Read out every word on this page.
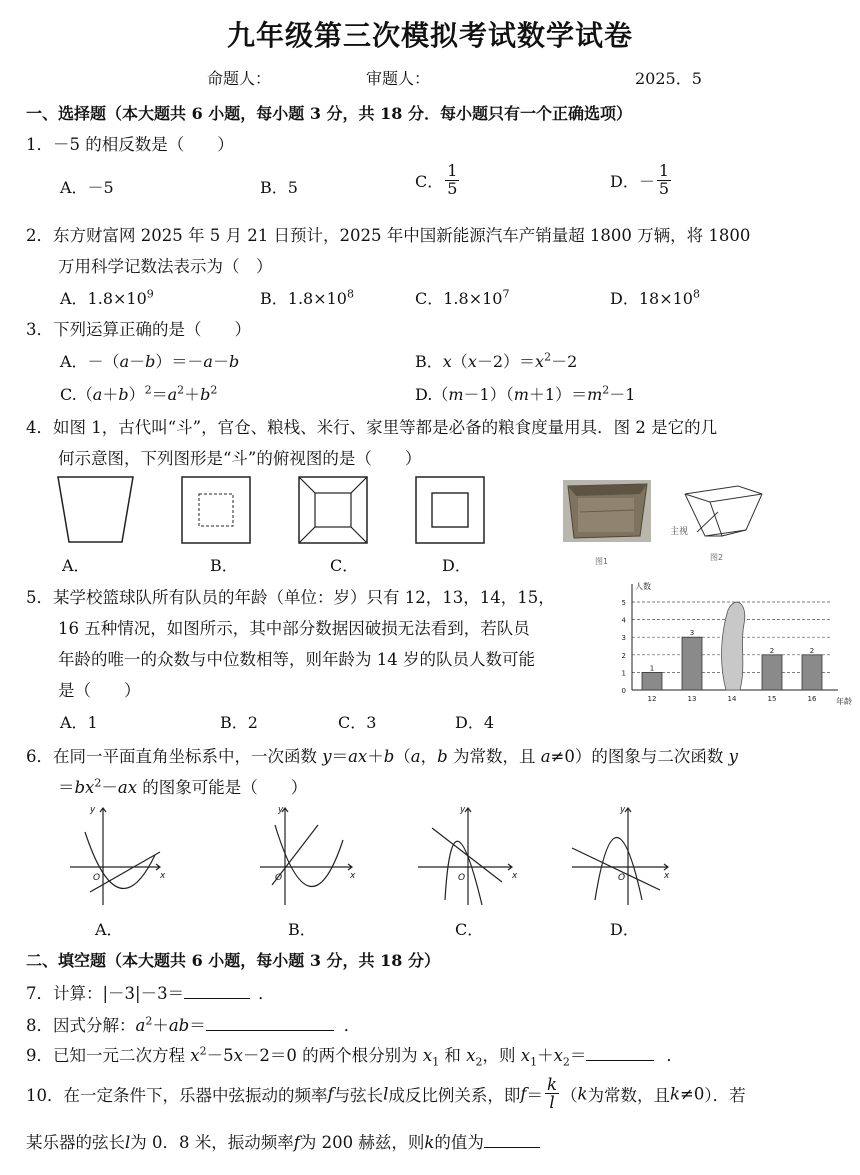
九年级第三次模拟考试数学试卷
命题人：	审题人：	2025．5
一、选择题（本大题共 6 小题，每小题 3 分，共 18 分．每小题只有一个正确选项）
1．－5 的相反数是（　　）
A．－5	B．5	C． $\frac{1}{5}$	D．－ $\frac{1}{5}$
2．东方财富网 2025 年 5 月 21 日预计，2025 年中国新能源汽车产销量超 1800 万辆，将 1800
万用科学记数法表示为（　）
A．$1.8\times 10^9$	B．$1.8\times 10^8$	C．$1.8\times 10^7$	D．$18\times 10^8$
3．下列运算正确的是（　　）
A．－（a－b）＝－a－b	B．$x(x-2)=x^2-2$
$C.(a+b)^2=a^2+b^2$	$D.(m-1)(m+1)=m^2-1$
4．如图 1，古代叫“斗”，官仓、粮栈、米行、家里等都是必备的粮食度量用具．图 2 是它的几
何示意图，下列图形是“斗”的俯视图的是（　　）
主视
图1	图2
A．	B．	C．	D．
5．某学校篮球队所有队员的年龄（单位：岁）只有 12，13，14，15，
16 五种情况，如图所示，其中部分数据因破损无法看到，若队员
年龄的唯一的众数与中位数相等，则年龄为 14 岁的队员人数可能
是（　　）
A．1	B．2	C．3	D．4
0
1
2
3
4
5
人数
年龄
1
12
3
13	14
2
15
2
16
6．在同一平面直角坐标系中，一次函数 y＝ax＋b（a，b 为常数，且 a≠0）的图象与二次函数 y
$=bx^2-ax$ 的图象可能是（　　）
y
O	x
y
O	x
y
O	x
y
O	x
A．	B．	C．	D．
二、填空题（本大题共 6 小题，每小题 3 分，共 18 分）
7．计算：|－3|－3＝	．
8．因式分解：$a^2+ab=$	．
9．已知一元二次方程 $x^2-5x-2=0$ 的两个根分别为 $x_1$ 和 $x_2$，则 $x_1+x_2=$	．
10．在一定条件下，乐器中弦振动的频率f与弦长l成反比例关系，即$f= \frac{k}{l} (k$为常数，且k≠0）．若
某乐器的弦长l为 0．8 米，振动频率f为 200 赫兹，则k的值为
